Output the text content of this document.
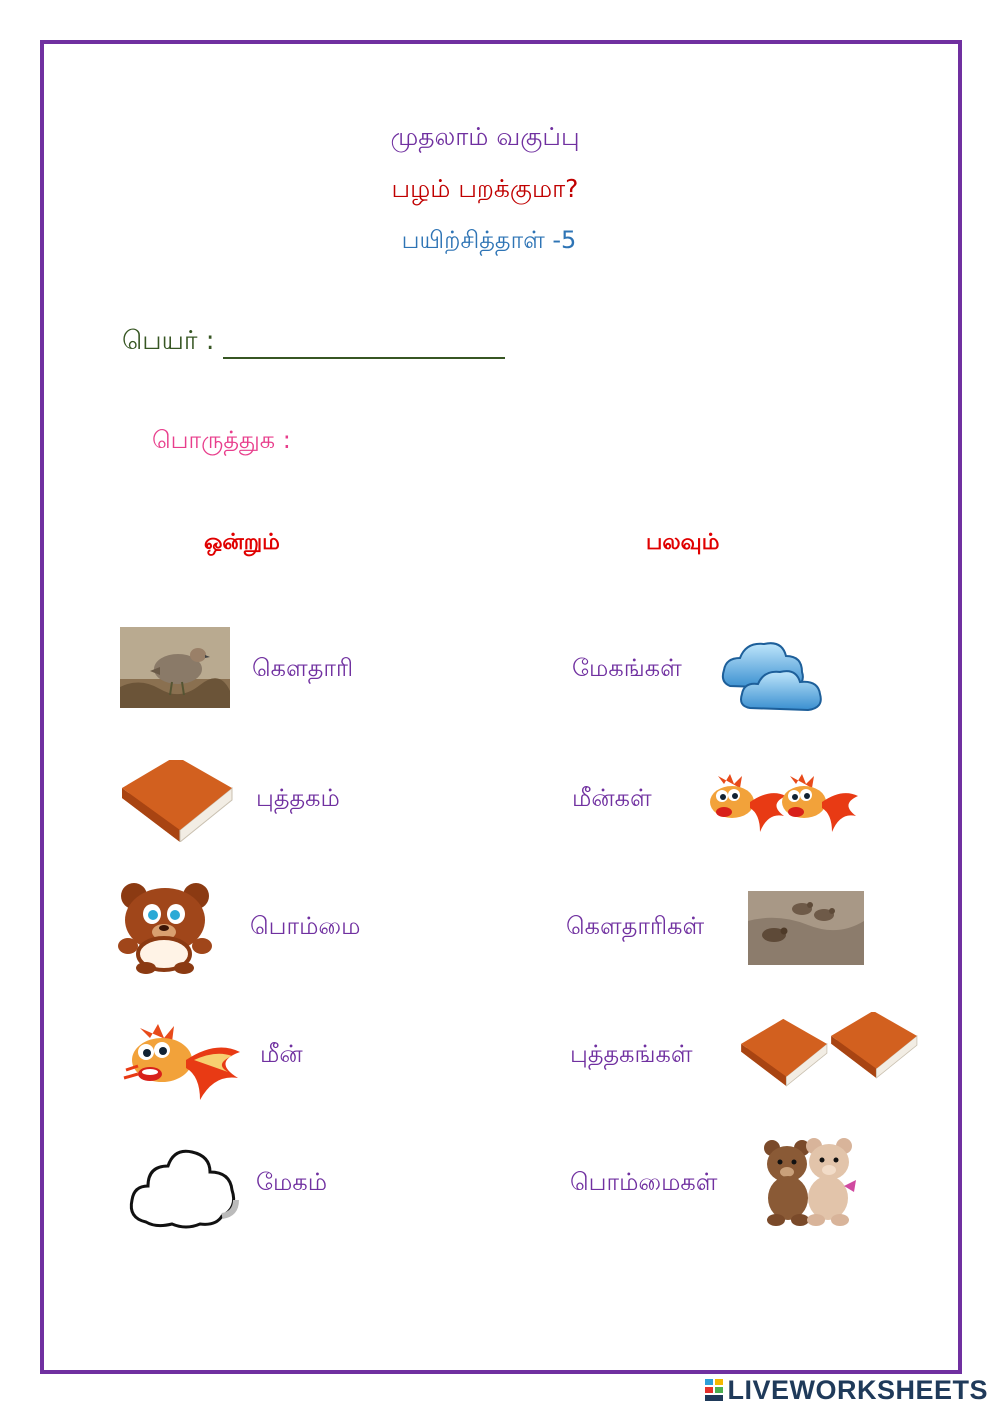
முதலாம் வகுப்பு
பழம் பறக்குமா?
பயிற்சித்தாள் -5
பெயர் :
பொருத்துக :
ஒன்றும்	பலவும்
கௌதாரி
புத்தகம்
பொம்மை
மீன்
மேகம்
மேகங்கள்
மீன்கள்
கௌதாரிகள்
புத்தகங்கள்
பொம்மைகள்
LIVEWORKSHEETS
